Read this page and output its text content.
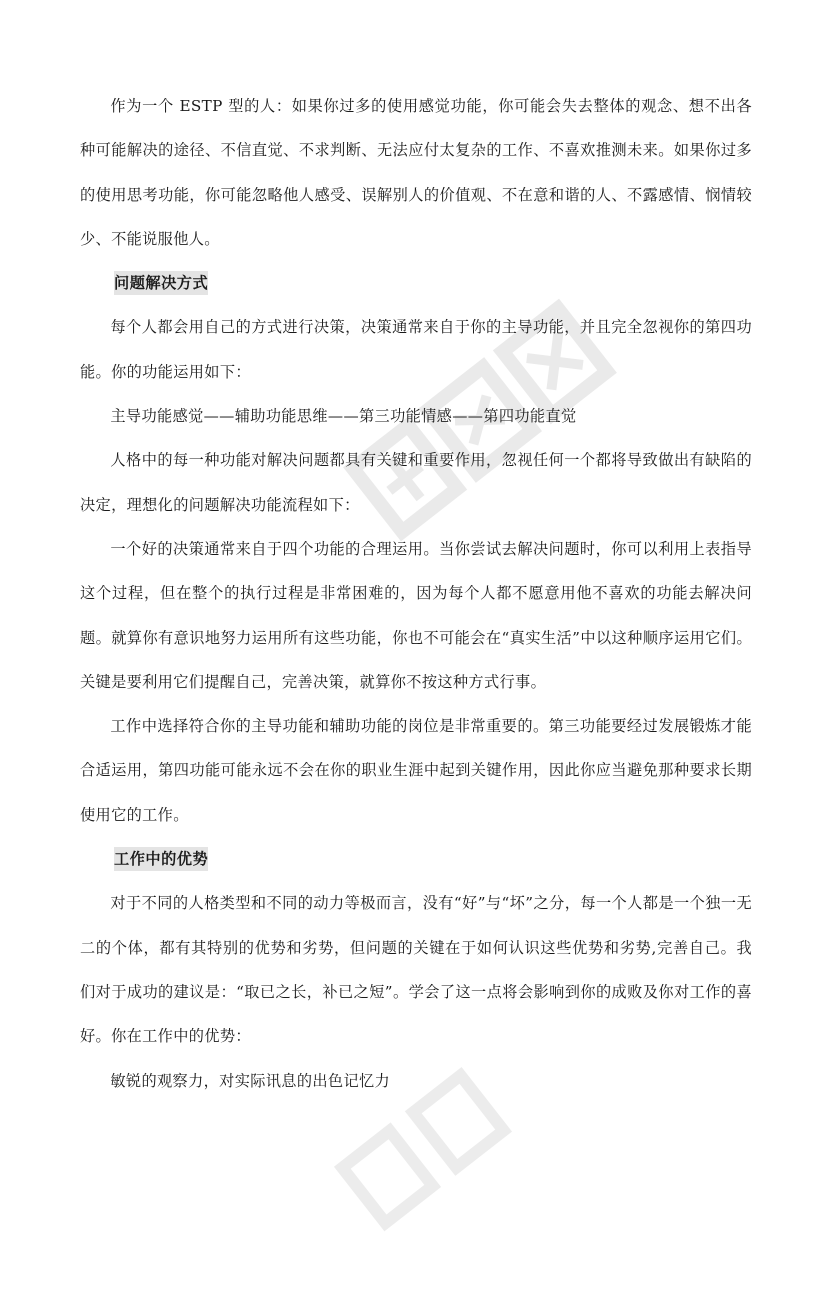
作为一个 ESTP 型的人：如果你过多的使用感觉功能，你可能会失去整体的观念、想不出各种可能解决的途径、不信直觉、不求判断、无法应付太复杂的工作、不喜欢推测未来。如果你过多的使用思考功能，你可能忽略他人感受、误解别人的价值观、不在意和谐的人、不露感情、悯情较少、不能说服他人。

问题解决方式

每个人都会用自己的方式进行决策，决策通常来自于你的主导功能，并且完全忽视你的第四功能。你的功能运用如下：

主导功能感觉——辅助功能思维——第三功能情感——第四功能直觉

人格中的每一种功能对解决问题都具有关键和重要作用，忽视任何一个都将导致做出有缺陷的决定，理想化的问题解决功能流程如下：

一个好的决策通常来自于四个功能的合理运用。当你尝试去解决问题时，你可以利用上表指导这个过程，但在整个的执行过程是非常困难的，因为每个人都不愿意用他不喜欢的功能去解决问题。就算你有意识地努力运用所有这些功能，你也不可能会在“真实生活”中以这种顺序运用它们。关键是要利用它们提醒自己，完善决策，就算你不按这种方式行事。

工作中选择符合你的主导功能和辅助功能的岗位是非常重要的。第三功能要经过发展锻炼才能合适运用，第四功能可能永远不会在你的职业生涯中起到关键作用，因此你应当避免那种要求长期使用它的工作。

工作中的优势

对于不同的人格类型和不同的动力等极而言，没有“好”与“坏”之分，每一个人都是一个独一无二的个体，都有其特别的优势和劣势，但问题的关键在于如何认识这些优势和劣势,完善自己。我们对于成功的建议是：“取已之长，补已之短”。学会了这一点将会影响到你的成败及你对工作的喜好。你在工作中的优势：

敏锐的观察力，对实际讯息的出色记忆力
